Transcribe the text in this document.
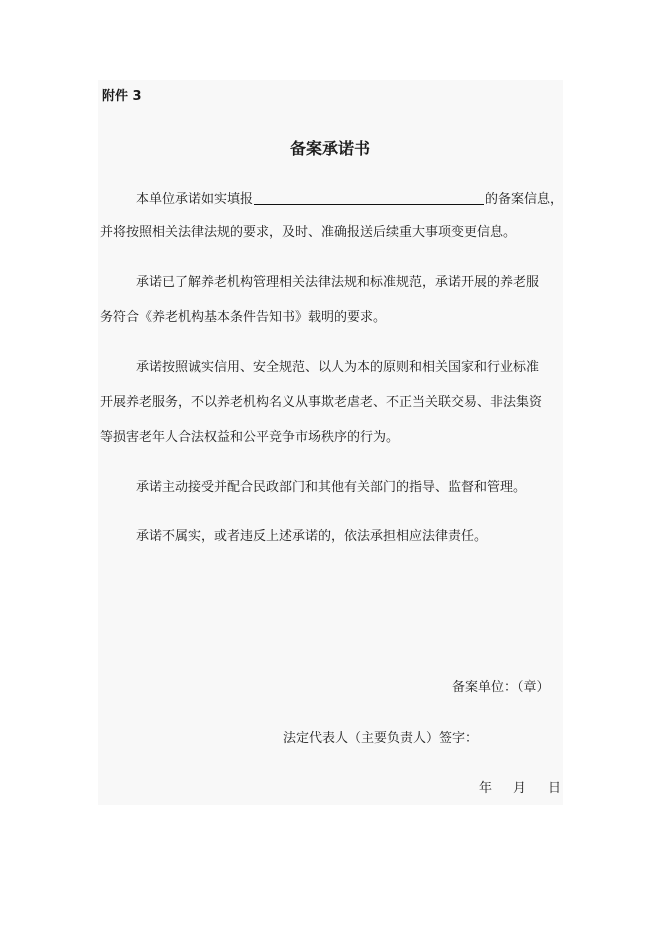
附件 3
备案承诺书
本单位承诺如实填报	的备案信息，
并将按照相关法律法规的要求，及时、准确报送后续重大事项变更信息。
承诺已了解养老机构管理相关法律法规和标准规范，承诺开展的养老服
务符合《养老机构基本条件告知书》载明的要求。
承诺按照诚实信用、安全规范、以人为本的原则和相关国家和行业标准
开展养老服务，不以养老机构名义从事欺老虐老、不正当关联交易、非法集资
等损害老年人合法权益和公平竞争市场秩序的行为。
承诺主动接受并配合民政部门和其他有关部门的指导、监督和管理。
承诺不属实，或者违反上述承诺的，依法承担相应法律责任。
备案单位：（章）
法定代表人（主要负责人）签字：
年 月 日
